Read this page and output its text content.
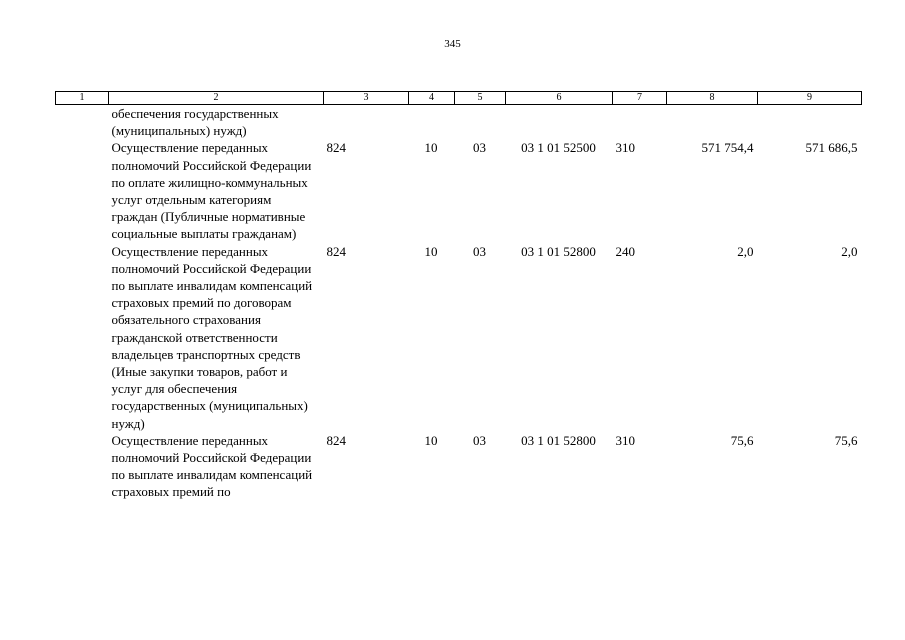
345
1	2	3	4	5	6	7	8	9
	обеспечения государственных (муниципальных) нужд)							
	Осуществление переданных полномочий Российской Федерации по оплате жилищно-коммунальных услуг отдельным категориям граждан (Публичные нормативные социальные выплаты гражданам)	824	10	03	03 1 01 52500	310	571 754,4	571 686,5
	Осуществление переданных полномочий Российской Федерации по выплате инвалидам компенсаций страховых премий по договорам обязательного страхования гражданской ответственности владельцев транспортных средств (Иные закупки товаров, работ и услуг для обеспечения государственных (муниципальных) нужд)	824	10	03	03 1 01 52800	240	2,0	2,0
	Осуществление переданных полномочий Российской Федерации по выплате инвалидам компенсаций страховых премий по	824	10	03	03 1 01 52800	310	75,6	75,6
